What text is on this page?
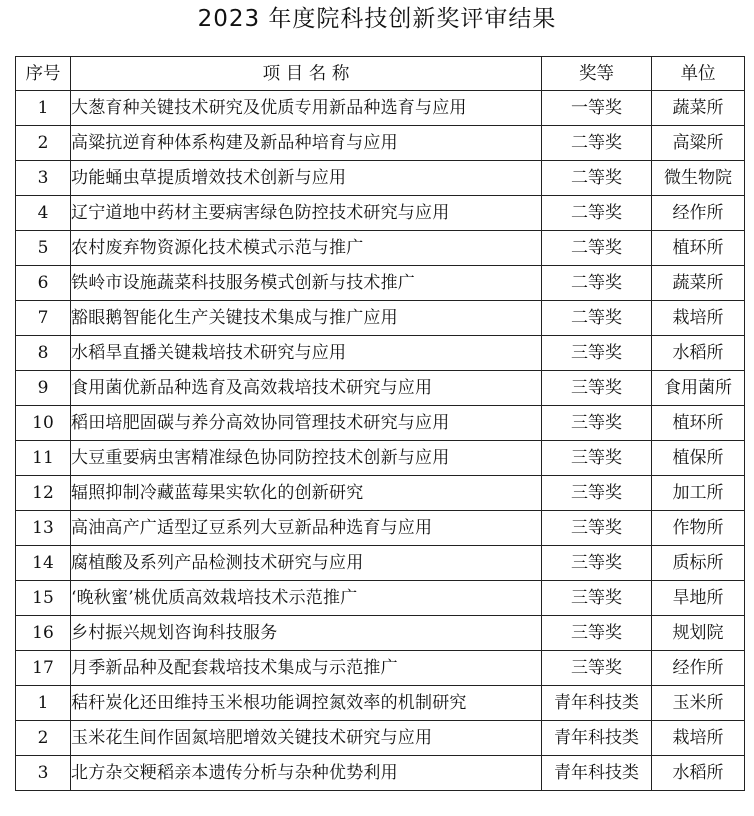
2023 年度院科技创新奖评审结果
序号	项 目 名 称	奖等	单位
1	大葱育种关键技术研究及优质专用新品种选育与应用	一等奖	蔬菜所
2	高粱抗逆育种体系构建及新品种培育与应用	二等奖	高粱所
3	功能蛹虫草提质增效技术创新与应用	二等奖	微生物院
4	辽宁道地中药材主要病害绿色防控技术研究与应用	二等奖	经作所
5	农村废弃物资源化技术模式示范与推广	二等奖	植环所
6	铁岭市设施蔬菜科技服务模式创新与技术推广	二等奖	蔬菜所
7	豁眼鹅智能化生产关键技术集成与推广应用	二等奖	栽培所
8	水稻旱直播关键栽培技术研究与应用	三等奖	水稻所
9	食用菌优新品种选育及高效栽培技术研究与应用	三等奖	食用菌所
10	稻田培肥固碳与养分高效协同管理技术研究与应用	三等奖	植环所
11	大豆重要病虫害精准绿色协同防控技术创新与应用	三等奖	植保所
12	辐照抑制冷藏蓝莓果实软化的创新研究	三等奖	加工所
13	高油高产广适型辽豆系列大豆新品种选育与应用	三等奖	作物所
14	腐植酸及系列产品检测技术研究与应用	三等奖	质标所
15	‘晚秋蜜’桃优质高效栽培技术示范推广	三等奖	旱地所
16	乡村振兴规划咨询科技服务	三等奖	规划院
17	月季新品种及配套栽培技术集成与示范推广	三等奖	经作所
1	秸秆炭化还田维持玉米根功能调控氮效率的机制研究	青年科技类	玉米所
2	玉米花生间作固氮培肥增效关键技术研究与应用	青年科技类	栽培所
3	北方杂交粳稻亲本遗传分析与杂种优势利用	青年科技类	水稻所
